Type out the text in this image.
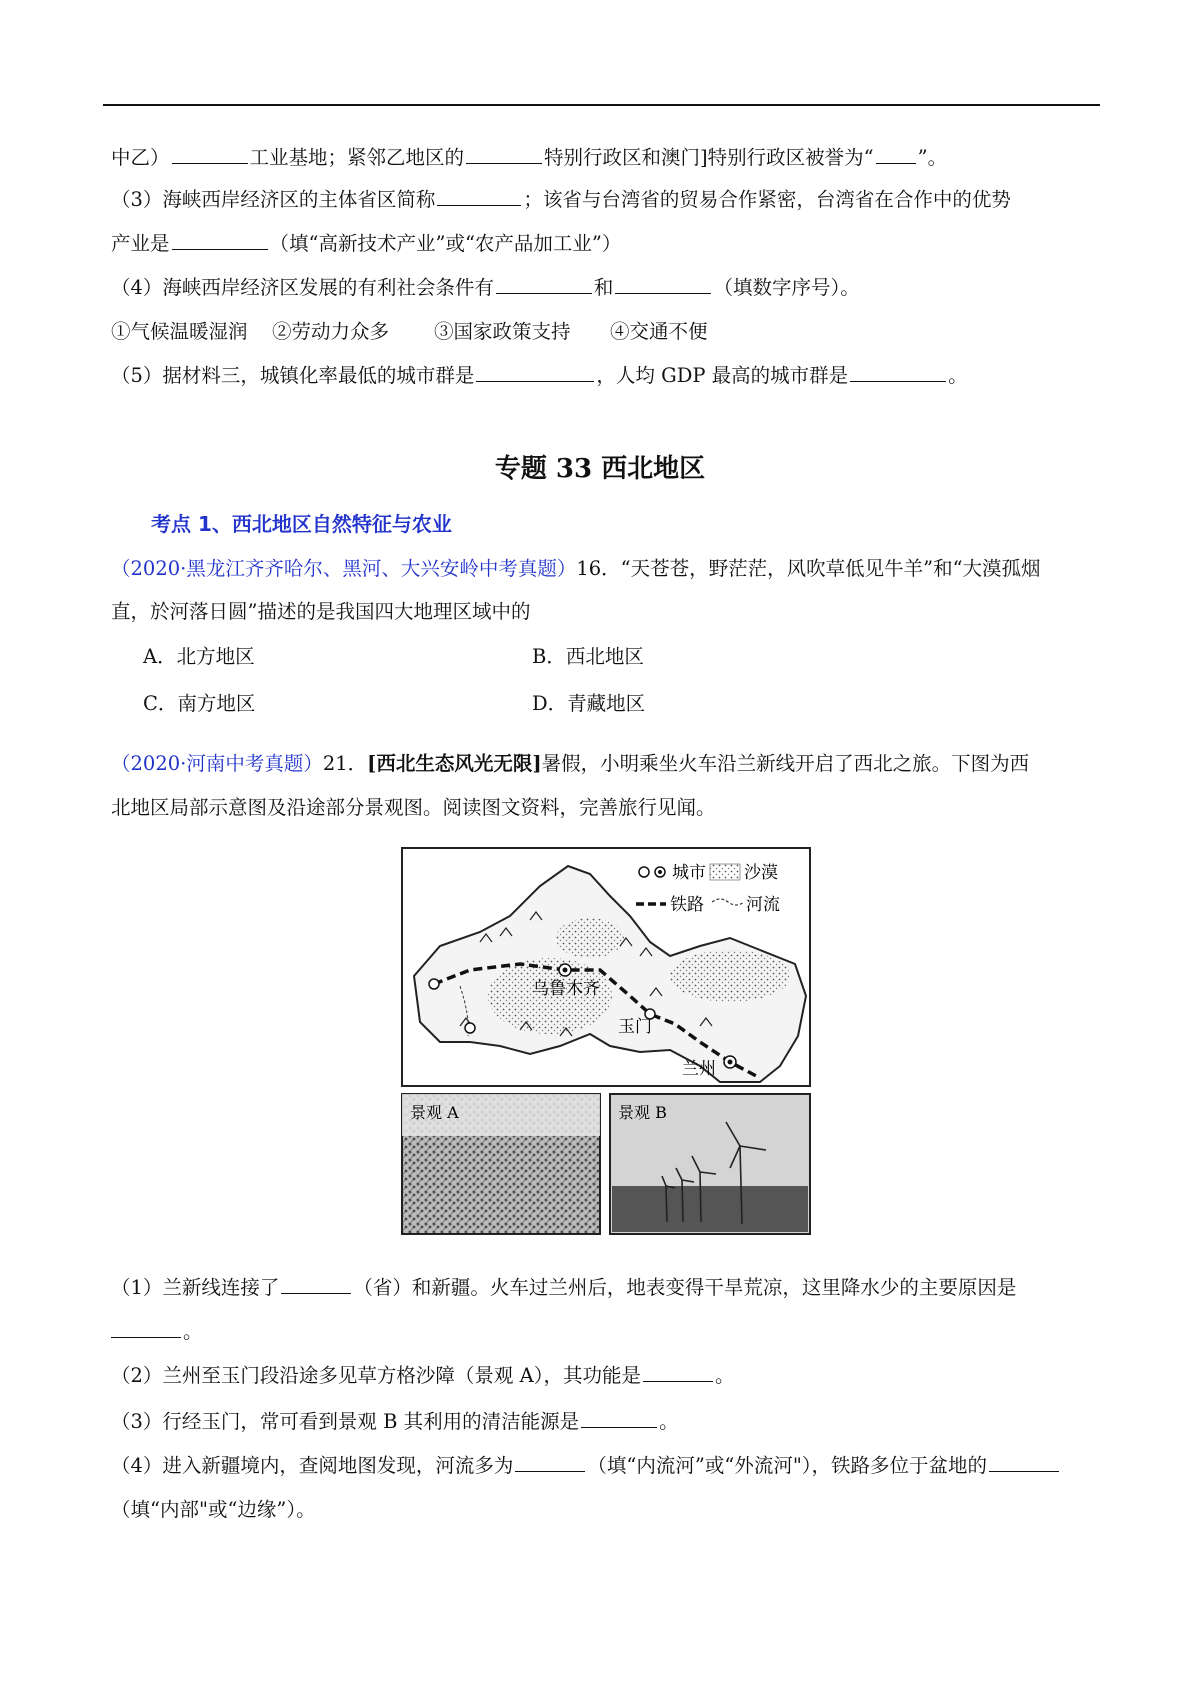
中乙）	工业基地；紧邻乙地区的	特别行政区和澳门]特别行政区被誉为“ ”。
（3）海峡西岸经济区的主体省区简称	；该省与台湾省的贸易合作紧密，台湾省在合作中的优势
产业是	（填“高新技术产业”或“农产品加工业”）
（4）海峡西岸经济区发展的有利社会条件有	和	（填数字序号）。
①气候温暖湿润 ②劳动力众多 ③国家政策支持 ④交通不便
（5）据材料三，城镇化率最低的城市群是	，人均 GDP 最高的城市群是	。
专题 33 西北地区
考点 1、西北地区自然特征与农业
（2020·黑龙江齐齐哈尔、黑河、大兴安岭中考真题）16．“天苍苍，野茫茫，风吹草低见牛羊”和“大漠孤烟
直，於河落日圆”描述的是我国四大地理区域中的
A．北方地区	B．西北地区
C．南方地区	D．青藏地区
（2020·河南中考真题）21．[西北生态风光无限]暑假，小明乘坐火车沿兰新线开启了西北之旅。下图为西
北地区局部示意图及沿途部分景观图。阅读图文资料，完善旅行见闻。
乌鲁木齐
玉门
兰州
城市 沙漠
铁路 河流
景观 A	景观 B
（1）兰新线连接了	（省）和新疆。火车过兰州后，地表变得干旱荒凉，这里降水少的主要原因是
。
（2）兰州至玉门段沿途多见草方格沙障（景观 A），其功能是	。
（3）行经玉门，常可看到景观 B 其利用的清洁能源是	。
（4）进入新疆境内，查阅地图发现，河流多为	（填“内流河”或“外流河"），铁路多位于盆地的
（填“内部"或“边缘”）。
